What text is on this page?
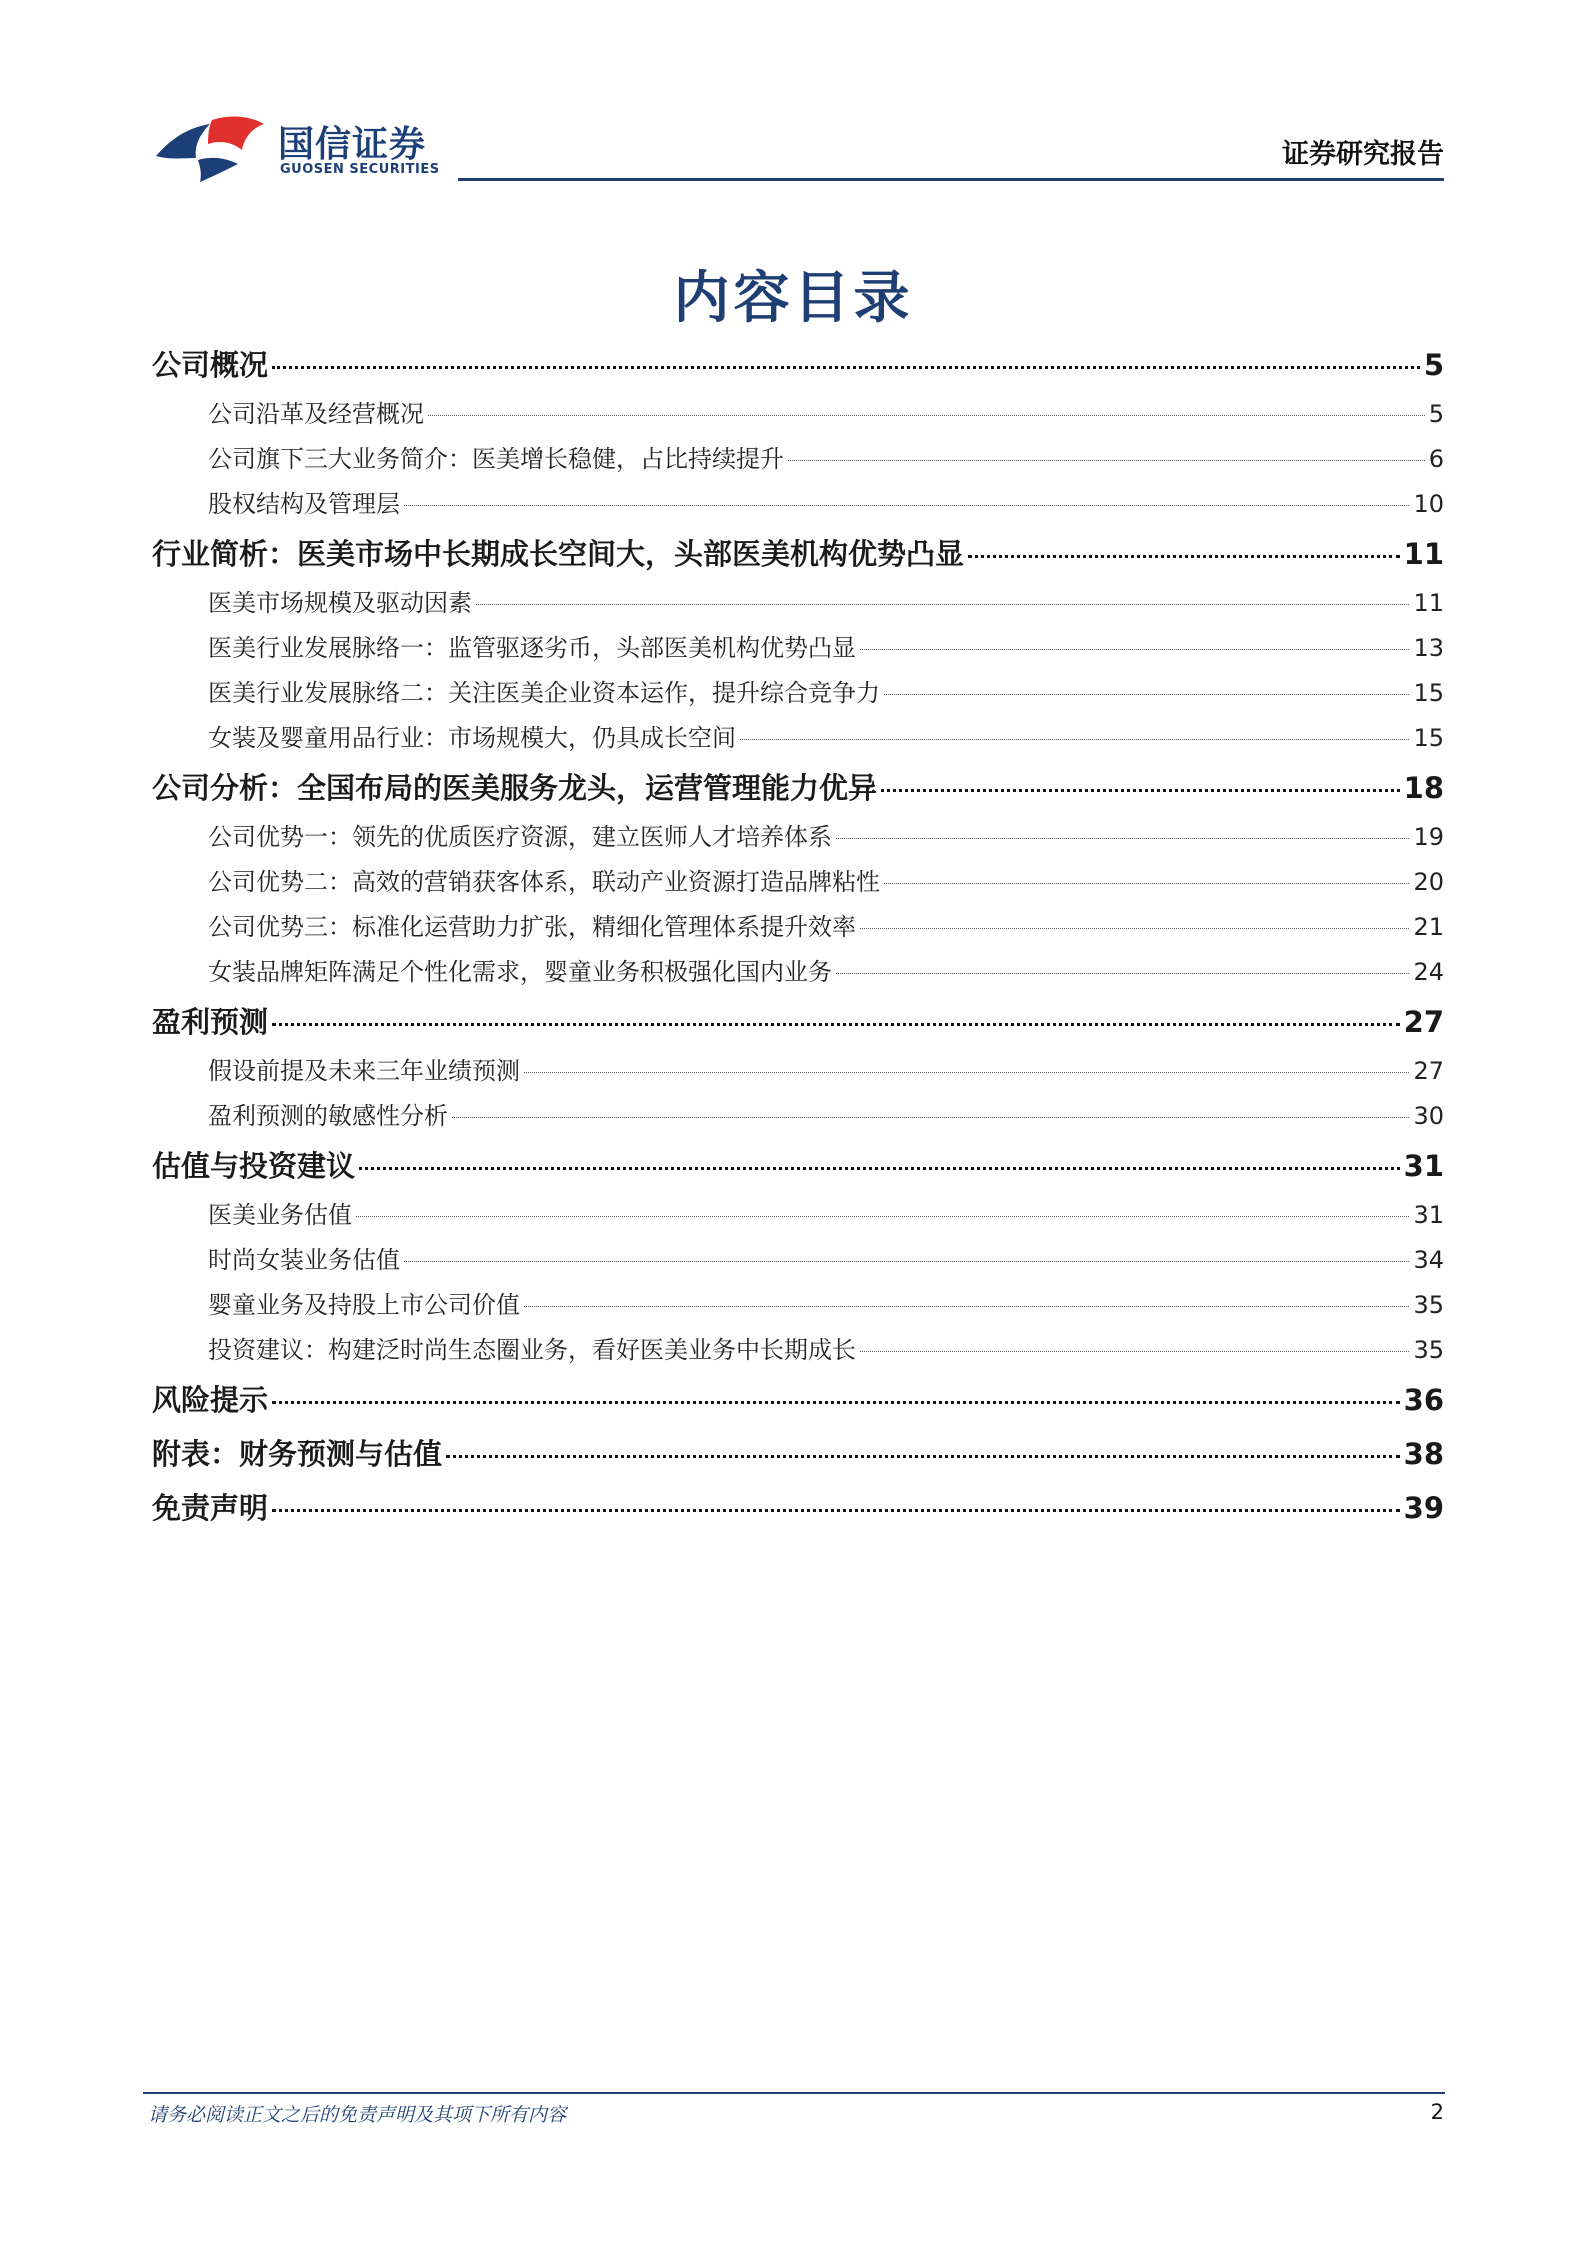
国信证券
GUOSEN SECURITIES	证券研究报告
内容目录
公司概况	5
公司沿革及经营概况	5
公司旗下三大业务简介：医美增长稳健，占比持续提升	6
股权结构及管理层	10
行业简析：医美市场中长期成长空间大，头部医美机构优势凸显	11
医美市场规模及驱动因素	11
医美行业发展脉络一：监管驱逐劣币，头部医美机构优势凸显	13
医美行业发展脉络二：关注医美企业资本运作，提升综合竞争力	15
女装及婴童用品行业：市场规模大，仍具成长空间	15
公司分析：全国布局的医美服务龙头，运营管理能力优异	18
公司优势一：领先的优质医疗资源，建立医师人才培养体系	19
公司优势二：高效的营销获客体系，联动产业资源打造品牌粘性	20
公司优势三：标准化运营助力扩张，精细化管理体系提升效率	21
女装品牌矩阵满足个性化需求，婴童业务积极强化国内业务	24
盈利预测	27
假设前提及未来三年业绩预测	27
盈利预测的敏感性分析	30
估值与投资建议	31
医美业务估值	31
时尚女装业务估值	34
婴童业务及持股上市公司价值	35
投资建议：构建泛时尚生态圈业务，看好医美业务中长期成长	35
风险提示	36
附表：财务预测与估值	38
免责声明	39
请务必阅读正文之后的免责声明及其项下所有内容	2
